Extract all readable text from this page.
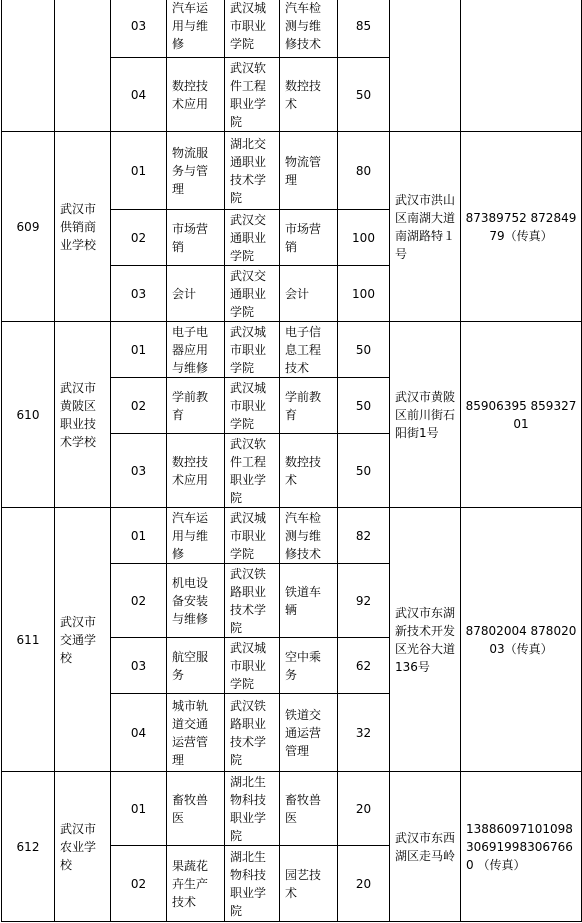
		03	汽车运用与维修	武汉城市职业学院	汽车检测与维修技术	85		
		04	数控技术应用	武汉软件工程职业学院	数控技术	50		
609	武汉市供销商业学校	01	物流服务与管理	湖北交通职业技术学院	物流管理	80	武汉市洪山区南湖大道南湖路特１号	87389752 87284979（传真）
		02	市场营销	武汉交通职业学院	市场营销	100		
		03	会计	武汉交通职业学院	会计	100		
610	武汉市黄陂区职业技术学校	01	电子电器应用与维修	武汉城市职业学院	电子信息工程技术	50	武汉市黄陂区前川街石阳街1号	85906395 85932701
		02	学前教育	武汉城市职业学院	学前教育	50		
		03	数控技术应用	武汉软件工程职业学院	数控技术	50		
611	武汉市交通学校	01	汽车运用与维修	武汉城市职业学院	汽车检测与维修技术	82	武汉市东湖新技术开发区光谷大道136号	87802004 87802003（传真）
		02	机电设备安装与维修	武汉铁路职业技术学院	铁道车辆	92		
		03	航空服务	武汉城市职业学院	空中乘务	62		
		04	城市轨道交通运营管理	武汉铁路职业技术学院	铁道交通运营管理	32		
612	武汉市农业学校	01	畜牧兽医	湖北生物科技职业学院	畜牧兽医	20	武汉市东西湖区走马岭	13886097101098306919983067660 （传真）
		02	果蔬花卉生产技术	湖北生物科技职业学院	园艺技术	20		
